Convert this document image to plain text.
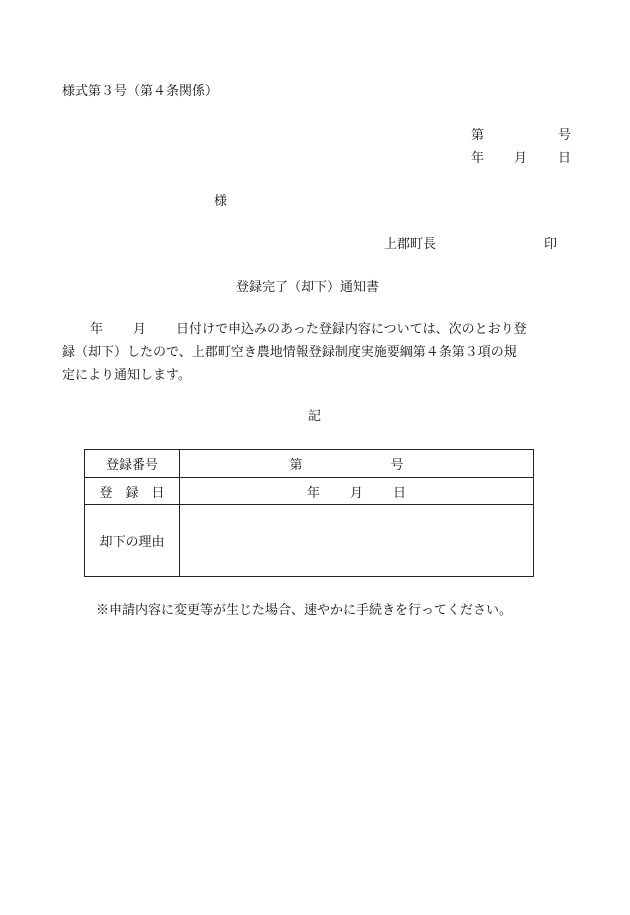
様式第３号（第４条関係）
第	号
年 月 日
様
上郡町長	印
登録完了（却下）通知書
年 月 日付けで申込みのあった登録内容については、次のとおり登
録（却下）したので、上郡町空き農地情報登録制度実施要綱第４条第３項の規
定により通知します。
記
登録番号	第 号
登　録　日	年 月 日
却下の理由	
※申請内容に変更等が生じた場合、速やかに手続きを行ってください。
